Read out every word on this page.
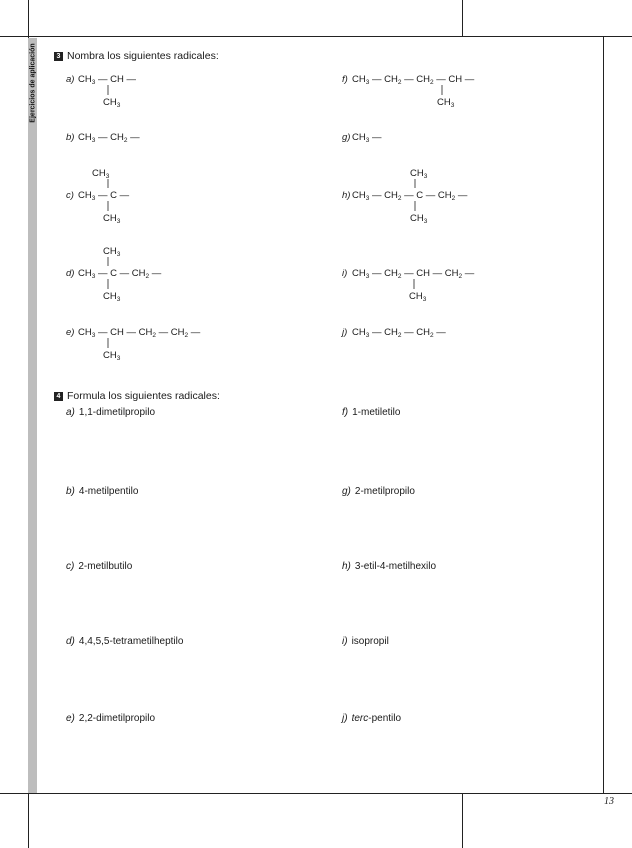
Ejercicios de aplicación	3 Nombra los siguientes radicales:
a) $CH_3$ — CH —
$CH_3$
b) $CH_3$ — $CH_2$ —
$CH_3$
c) $CH_3$ — C —
$CH_3$
$CH_3$
d) $CH_3$ — C — $CH_2$ —
$CH_3$
e) $CH_3$ — CH — $CH_2$ — $CH_2$ —
$CH_3$
f) $CH_3$ — $CH_2$ — $CH_2$ — CH —
$CH_3$
g) $CH_3$ —
$CH_3$
h) $CH_3$ — $CH_2$ — C — $CH_2$ —
$CH_3$
i) $CH_3$ — $CH_2$ — CH — $CH_2$ —
$CH_3$
j) $CH_3$ — $CH_2$ — $CH_2$ —
4 Formula los siguientes radicales:
a) 1,1-dimetilpropilo
b) 4-metilpentilo
c) 2-metilbutilo
d) 4,4,5,5-tetrametilheptilo
e) 2,2-dimetilpropilo
f) 1-metiletilo
g) 2-metilpropilo
h) 3-etil-4-metilhexilo
i) isopropil
j) terc-pentilo
13
